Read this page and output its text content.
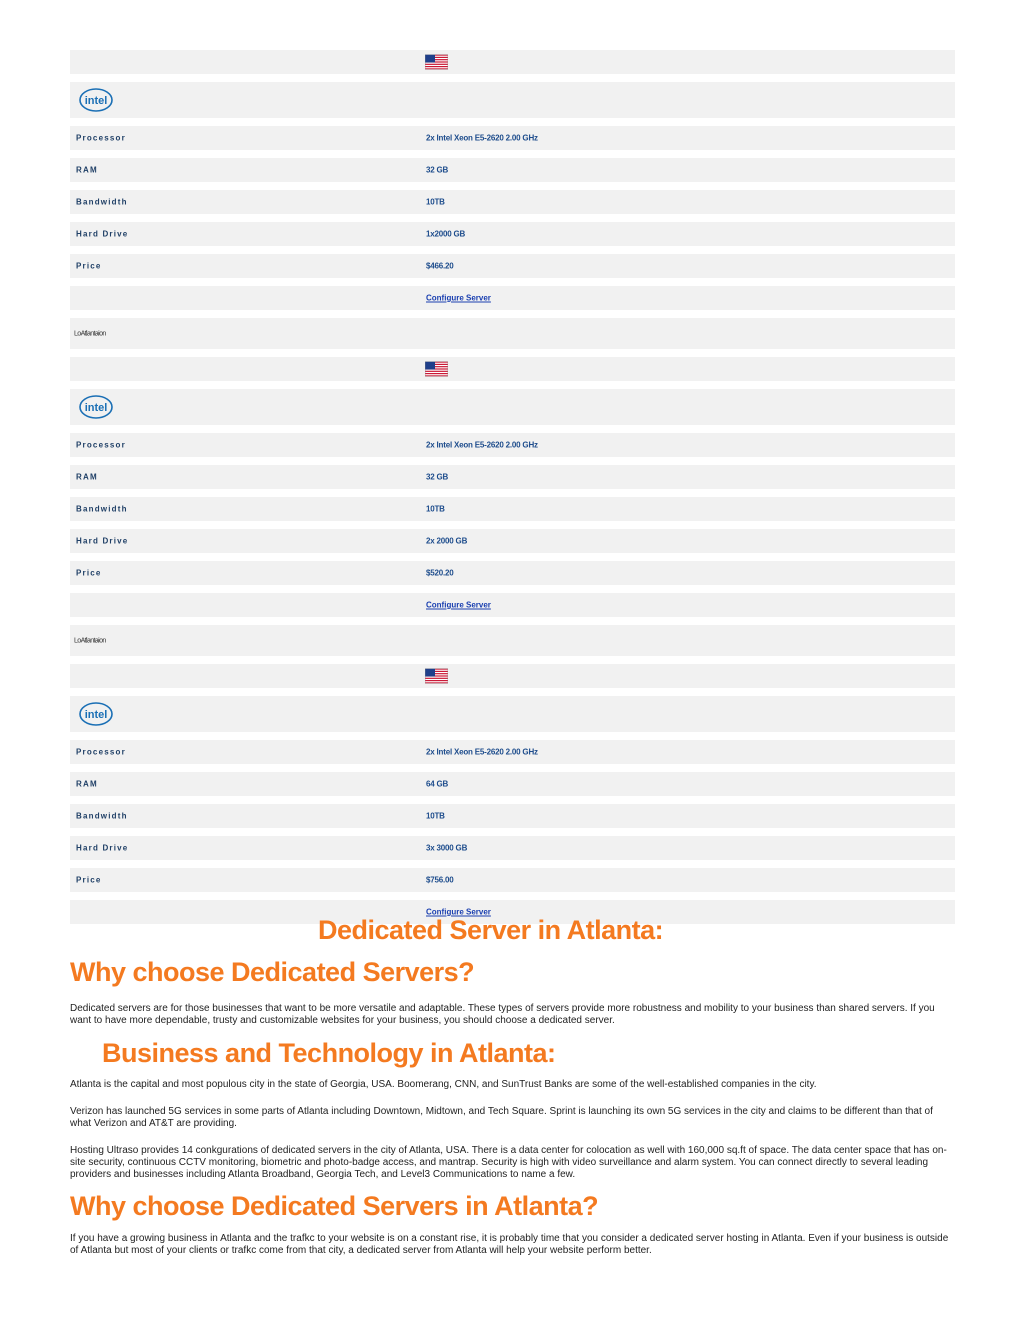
intel
Processor	2x Intel Xeon E5-2620 2.00 GHz
RAM	32 GB
Bandwidth	10TB
Hard Drive	1x2000 GB
Price	$466.20
Configure Server
LoAtlantaion
intel
Processor	2x Intel Xeon E5-2620 2.00 GHz
RAM	32 GB
Bandwidth	10TB
Hard Drive	2x 2000 GB
Price	$520.20
Configure Server
LoAtlantaion
intel
Processor	2x Intel Xeon E5-2620 2.00 GHz
RAM	64 GB
Bandwidth	10TB
Hard Drive	3x 3000 GB
Price	$756.00
Configure Server
Dedicated Server in Atlanta:
Why choose Dedicated Servers?

Dedicated servers are for those businesses that want to be more versatile and adaptable. These types of servers provide more robustness and mobility to your business than shared servers. If you want to have more dependable, trusty and customizable websites for your business, you should choose a dedicated server.

Business and Technology in Atlanta:

Atlanta is the capital and most populous city in the state of Georgia, USA. Boomerang, CNN, and SunTrust Banks are some of the well-established companies in the city.

Verizon has launched 5G services in some parts of Atlanta including Downtown, Midtown, and Tech Square. Sprint is launching its own 5G services in the city and claims to be different than that of what Verizon and AT&T are providing.

Hosting Ultraso provides 14 conkgurations of dedicated servers in the city of Atlanta, USA. There is a data center for colocation as well with 160,000 sq.ft of space. The data center space that has on-site security, continuous CCTV monitoring, biometric and photo-badge access, and mantrap. Security is high with video surveillance and alarm system. You can connect directly to several leading providers and businesses including Atlanta Broadband, Georgia Tech, and Level3 Communications to name a few.

Why choose Dedicated Servers in Atlanta?

If you have a growing business in Atlanta and the trafkc to your website is on a constant rise, it is probably time that you consider a dedicated server hosting in Atlanta. Even if your business is outside of Atlanta but most of your clients or trafkc come from that city, a dedicated server from Atlanta will help your website perform better.
